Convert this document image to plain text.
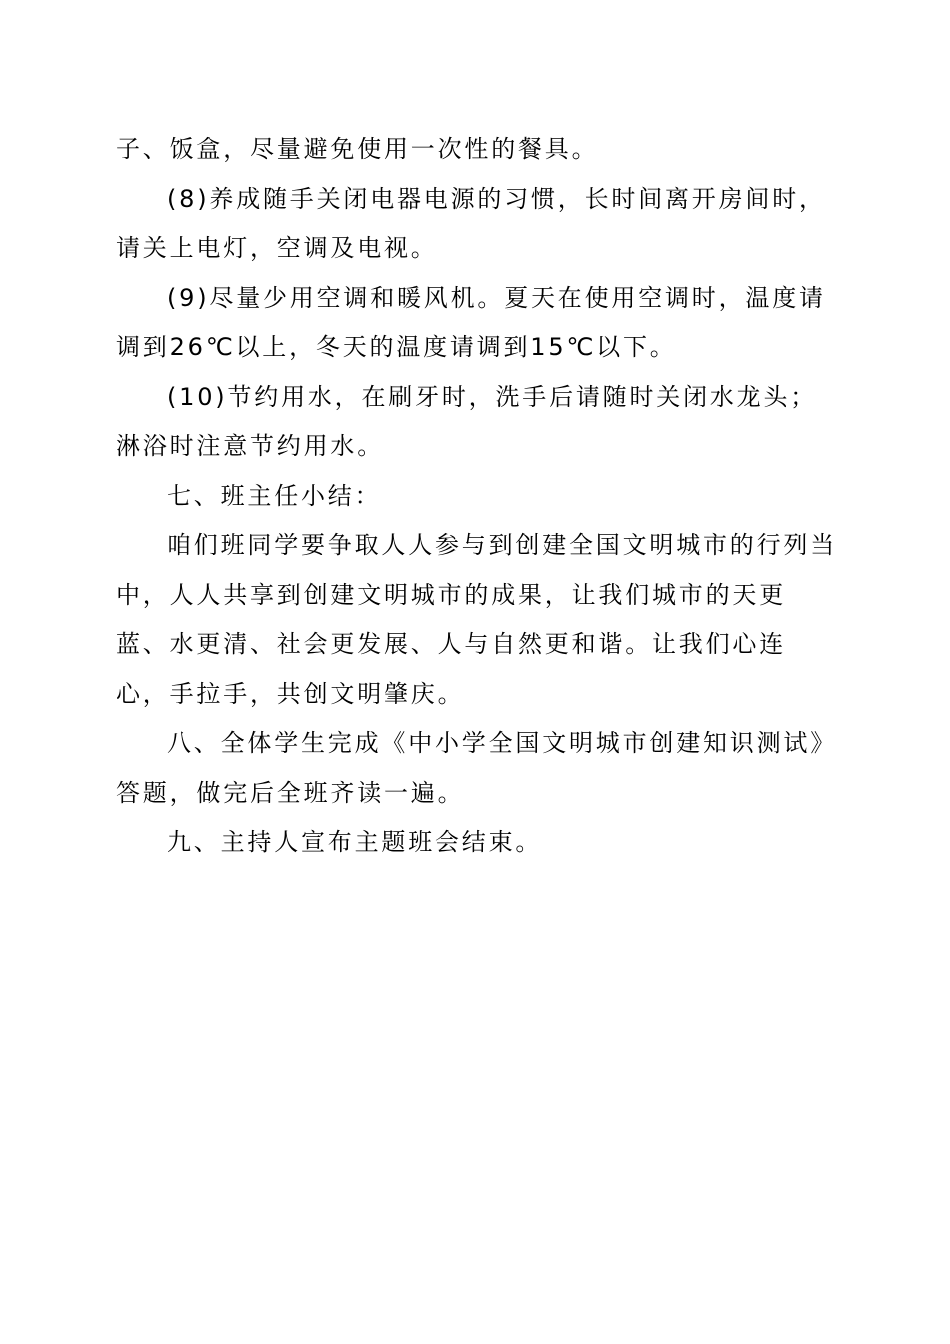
子、饭盒，尽量避免使用一次性的餐具。

(8)养成随手关闭电器电源的习惯，长时间离开房间时，请关上电灯，空调及电视。

(9)尽量少用空调和暖风机。夏天在使用空调时，温度请调到26℃以上，冬天的温度请调到15℃以下。

(10)节约用水，在刷牙时，洗手后请随时关闭水龙头；淋浴时注意节约用水。

七、班主任小结：

咱们班同学要争取人人参与到创建全国文明城市的行列当中，人人共享到创建文明城市的成果，让我们城市的天更蓝、水更清、社会更发展、人与自然更和谐。让我们心连心，手拉手，共创文明肇庆。

八、全体学生完成《中小学全国文明城市创建知识测试》答题，做完后全班齐读一遍。

九、主持人宣布主题班会结束。
